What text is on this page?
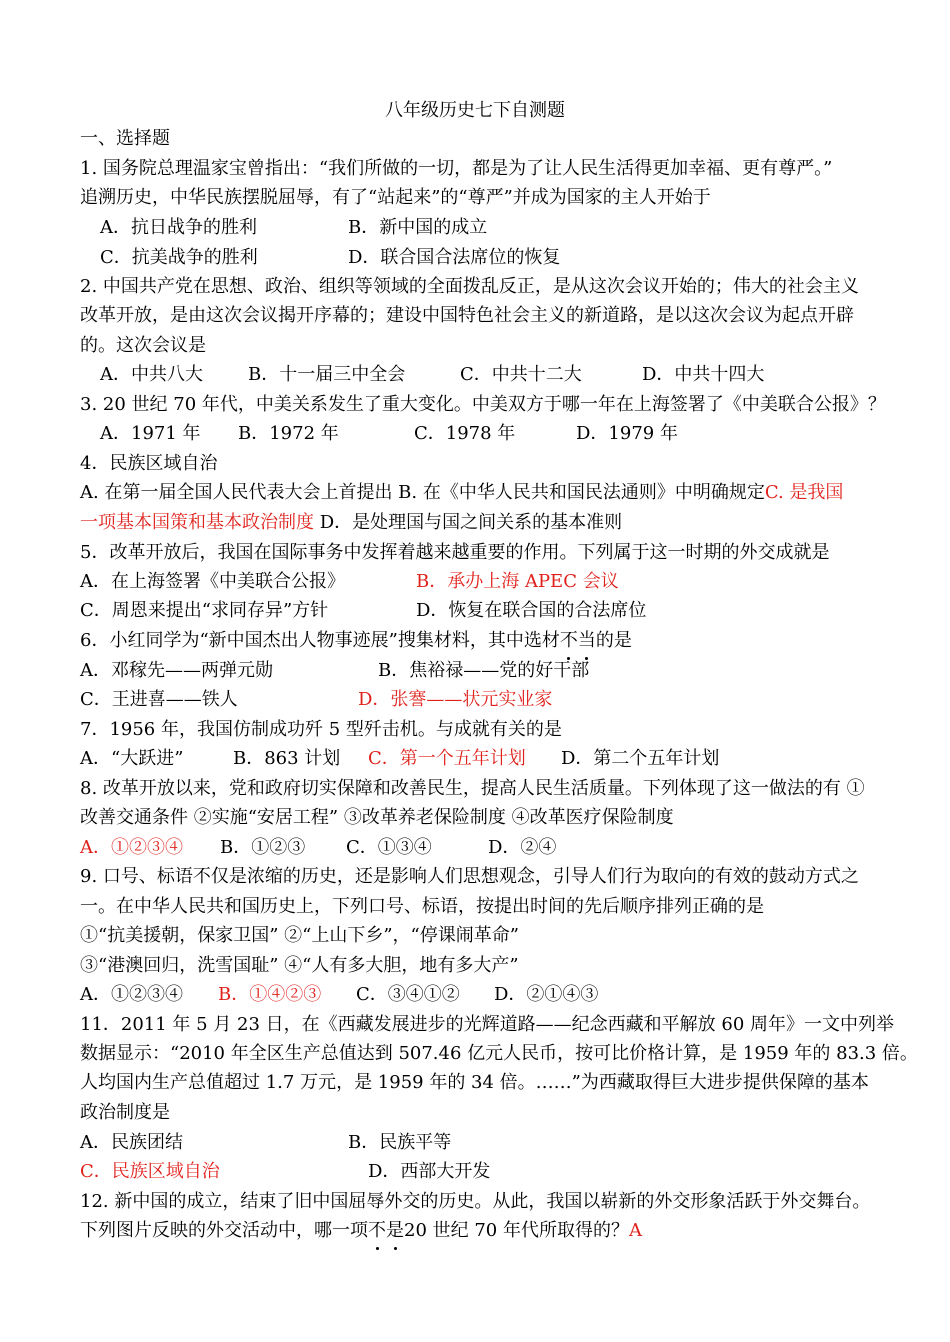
八年级历史七下自测题
一、选择题
1. 国务院总理温家宝曾指出：“我们所做的一切，都是为了让人民生活得更加幸福、更有尊严。”
追溯历史，中华民族摆脱屈辱，有了“站起来”的“尊严”并成为国家的主人开始于
A．抗日战争的胜利	B．新中国的成立
C．抗美战争的胜利	D．联合国合法席位的恢复
2. 中国共产党在思想、政治、组织等领域的全面拨乱反正，是从这次会议开始的；伟大的社会主义
改革开放，是由这次会议揭开序幕的；建设中国特色社会主义的新道路，是以这次会议为起点开辟
的。这次会议是
A．中共八大	B．十一届三中全会	C．中共十二大	D．中共十四大
3. 20 世纪 70 年代，中美关系发生了重大变化。中美双方于哪一年在上海签署了《中美联合公报》？
A．1971 年 B．1972 年	C．1978 年	D．1979 年
4．民族区域自治
A. 在第一届全国人民代表大会上首提出 B. 在《中华人民共和国民法通则》中明确规定C. 是我国
一项基本国策和基本政治制度 D．是处理国与国之间关系的基本准则
5．改革开放后，我国在国际事务中发挥着越来越重要的作用。下列属于这一时期的外交成就是
A．在上海签署《中美联合公报》	B．承办上海 APEC 会议
C．周恩来提出“求同存异”方针	D．恢复在联合国的合法席位
6．小红同学为“新中国杰出人物事迹展”搜集材料，其中选材不当的是
A．邓稼先——两弹元勋	B．焦裕禄——党的好干部
C．王进喜——铁人	D．张謇——状元实业家
7．1956 年，我国仿制成功歼 5 型歼击机。与成就有关的是
A．“大跃进”	B．863 计划 C．第一个五年计划 D．第二个五年计划
8. 改革开放以来，党和政府切实保障和改善民生，提高人民生活质量。下列体现了这一做法的有 ①
改善交通条件 ②实施“安居工程” ③改革养老保险制度 ④改革医疗保险制度
A．①②③④ B．①②③ C．①③④	D．②④
9. 口号、标语不仅是浓缩的历史，还是影响人们思想观念，引导人们行为取向的有效的鼓动方式之
一。在中华人民共和国历史上，下列口号、标语，按提出时间的先后顺序排列正确的是
①“抗美援朝，保家卫国” ②“上山下乡”，“停课闹革命”
③“港澳回归，洗雪国耻” ④“人有多大胆，地有多大产”
A．①②③④ B．①④②③ C．③④①② D．②①④③
11．2011 年 5 月 23 日，在《西藏发展进步的光辉道路——纪念西藏和平解放 60 周年》一文中列举
数据显示：“2010 年全区生产总值达到 507.46 亿元人民币，按可比价格计算，是 1959 年的 83.3 倍。
人均国内生产总值超过 1.7 万元，是 1959 年的 34 倍。……”为西藏取得巨大进步提供保障的基本
政治制度是
A．民族团结	B．民族平等
C．民族区域自治	D．西部大开发
12. 新中国的成立，结束了旧中国屈辱外交的历史。从此，我国以崭新的外交形象活跃于外交舞台。
下列图片反映的外交活动中，哪一项不是20 世纪 70 年代所取得的？A
